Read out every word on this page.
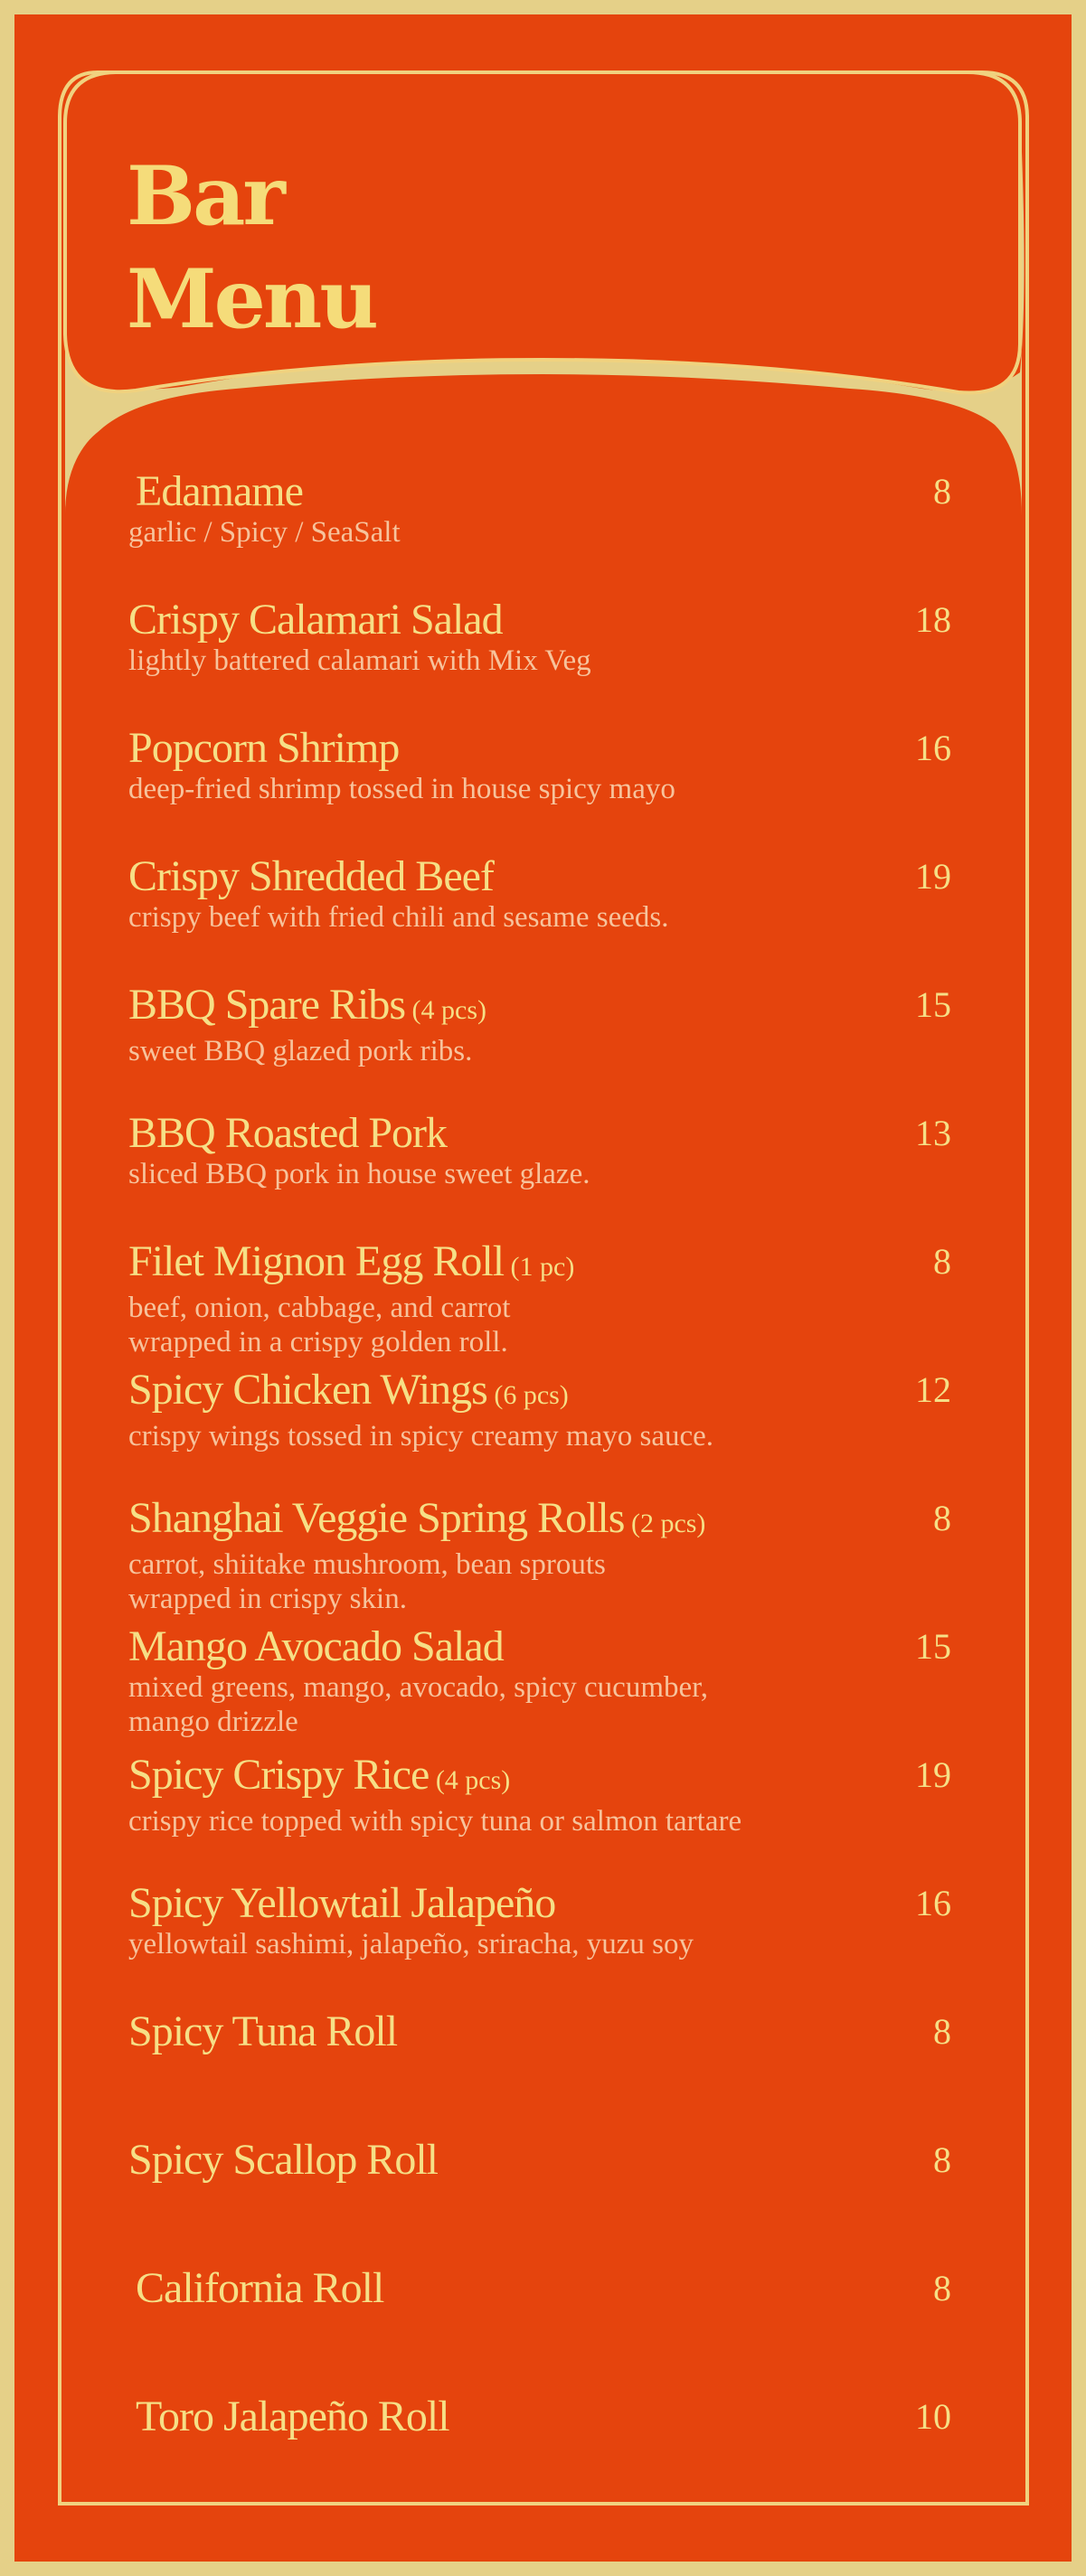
Bar
Menu
Edamame
garlic / Spicy / SeaSalt
8
Crispy Calamari Salad
lightly battered calamari with Mix Veg
18
Popcorn Shrimp
deep-fried shrimp tossed in house spicy mayo
16
Crispy Shredded Beef
crispy beef with fried chili and sesame seeds.
19
BBQ Spare Ribs (4 pcs)
sweet BBQ glazed pork ribs.
15
BBQ Roasted Pork
sliced BBQ pork in house sweet glaze.
13
Filet Mignon Egg Roll (1 pc)
beef, onion, cabbage, and carrot
wrapped in a crispy golden roll.
8
Spicy Chicken Wings (6 pcs)
crispy wings tossed in spicy creamy mayo sauce.
12
Shanghai Veggie Spring Rolls (2 pcs)
carrot, shiitake mushroom, bean sprouts
wrapped in crispy skin.
8
Mango Avocado Salad
mixed greens, mango, avocado, spicy cucumber,
mango drizzle
15
Spicy Crispy Rice (4 pcs)
crispy rice topped with spicy tuna or salmon tartare
19
Spicy Yellowtail Jalapeño
yellowtail sashimi, jalapeño, sriracha, yuzu soy
16
Spicy Tuna Roll	8
Spicy Scallop Roll	8
California Roll	8
Toro Jalapeño Roll	10
